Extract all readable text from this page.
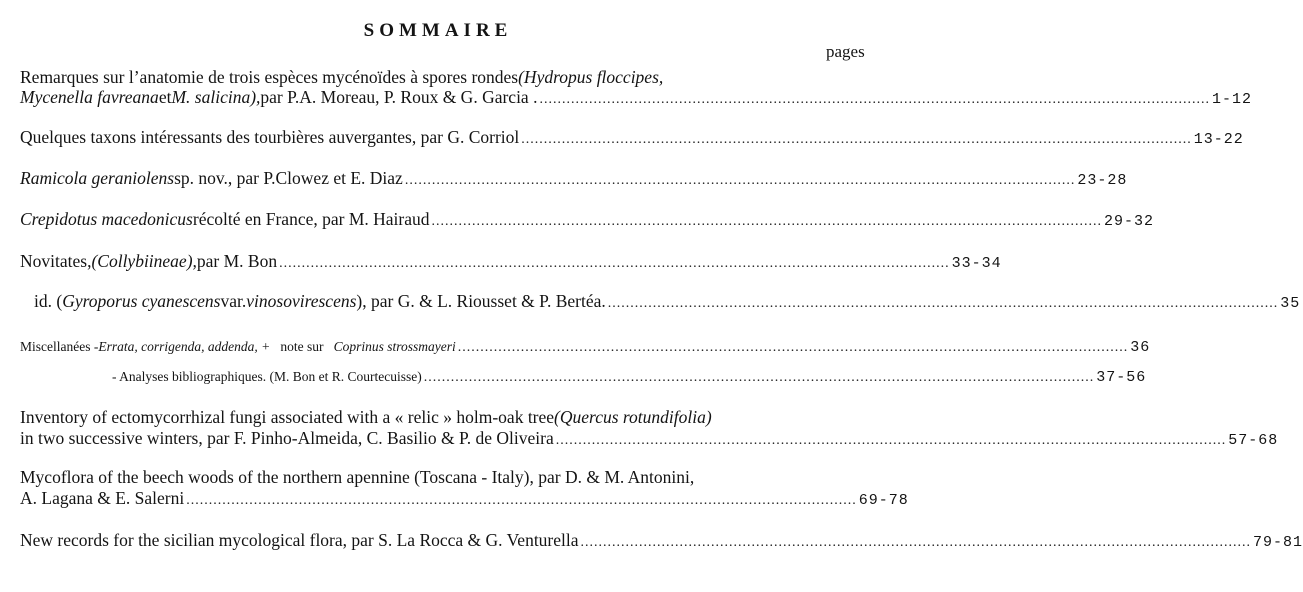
SOMMAIRE
pages
Remarques sur l’anatomie de trois espèces mycénoïdes à spores rondes (Hydropus floccipes,
Mycenella favreana et M. salicina), par P.A. Moreau, P. Roux & G. Garcia . ..................................................................................................................................................... 1-12
Quelques taxons intéressants des tourbières auvergantes, par G. Corriol ..................................................................................................................................................... 13-22
Ramicola geraniolens sp. nov., par P.Clowez et E. Diaz ..................................................................................................................................................... 23-28
Crepidotus macedonicus récolté en France, par M. Hairaud ..................................................................................................................................................... 29-32
Novitates, (Collybiineae), par M. Bon ..................................................................................................................................................... 33-34
id. ( Gyroporus cyanescens var. vinosovirescens ), par G. & L. Riousset & P. Bertéa. ..................................................................................................................................................... 35
Miscellanées - Errata, corrigenda, addenda, + note sur Coprinus strossmayeri ..................................................................................................................................................... 36
- Analyses bibliographiques. (M. Bon et R. Courtecuisse) ..................................................................................................................................................... 37-56
Inventory of ectomycorrhizal fungi associated with a « relic » holm-oak tree (Quercus rotundifolia)
in two successive winters, par F. Pinho-Almeida, C. Basilio & P. de Oliveira ..................................................................................................................................................... 57-68
Mycoflora of the beech woods of the northern apennine (Toscana - Italy), par D. & M. Antonini,
A. Lagana & E. Salerni ..................................................................................................................................................... 69-78
New records for the sicilian mycological flora, par S. La Rocca & G. Venturella ..................................................................................................................................................... 79-81
